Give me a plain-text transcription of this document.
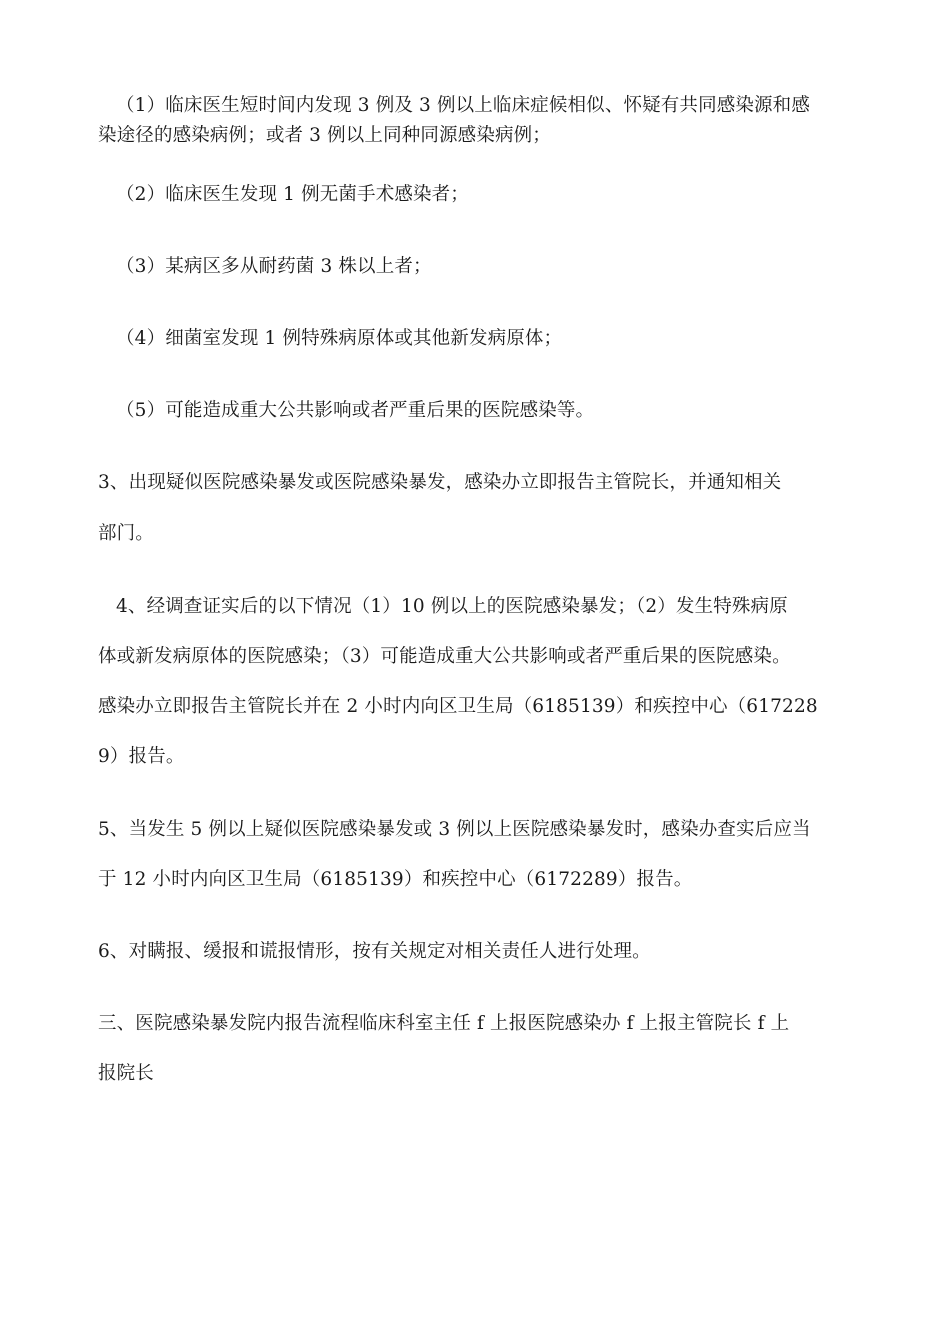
（1）临床医生短时间内发现 3 例及 3 例以上临床症候相似、怀疑有共同感染源和感
染途径的感染病例；或者 3 例以上同种同源感染病例；
（2）临床医生发现 1 例无菌手术感染者；
（3）某病区多从耐药菌 3 株以上者；
（4）细菌室发现 1 例特殊病原体或其他新发病原体；
（5）可能造成重大公共影响或者严重后果的医院感染等。
3、出现疑似医院感染暴发或医院感染暴发，感染办立即报告主管院长，并通知相关
部门。
4、经调查证实后的以下情况（1）10 例以上的医院感染暴发；（2）发生特殊病原
体或新发病原体的医院感染；（3）可能造成重大公共影响或者严重后果的医院感染。
感染办立即报告主管院长并在 2 小时内向区卫生局（6185139）和疾控中心（617228
9）报告。
5、当发生 5 例以上疑似医院感染暴发或 3 例以上医院感染暴发时，感染办查实后应当
于 12 小时内向区卫生局（6185139）和疾控中心（6172289）报告。
6、对瞒报、缓报和谎报情形，按有关规定对相关责任人进行处理。
三、医院感染暴发院内报告流程临床科室主任 f 上报医院感染办 f 上报主管院长 f 上
报院长
